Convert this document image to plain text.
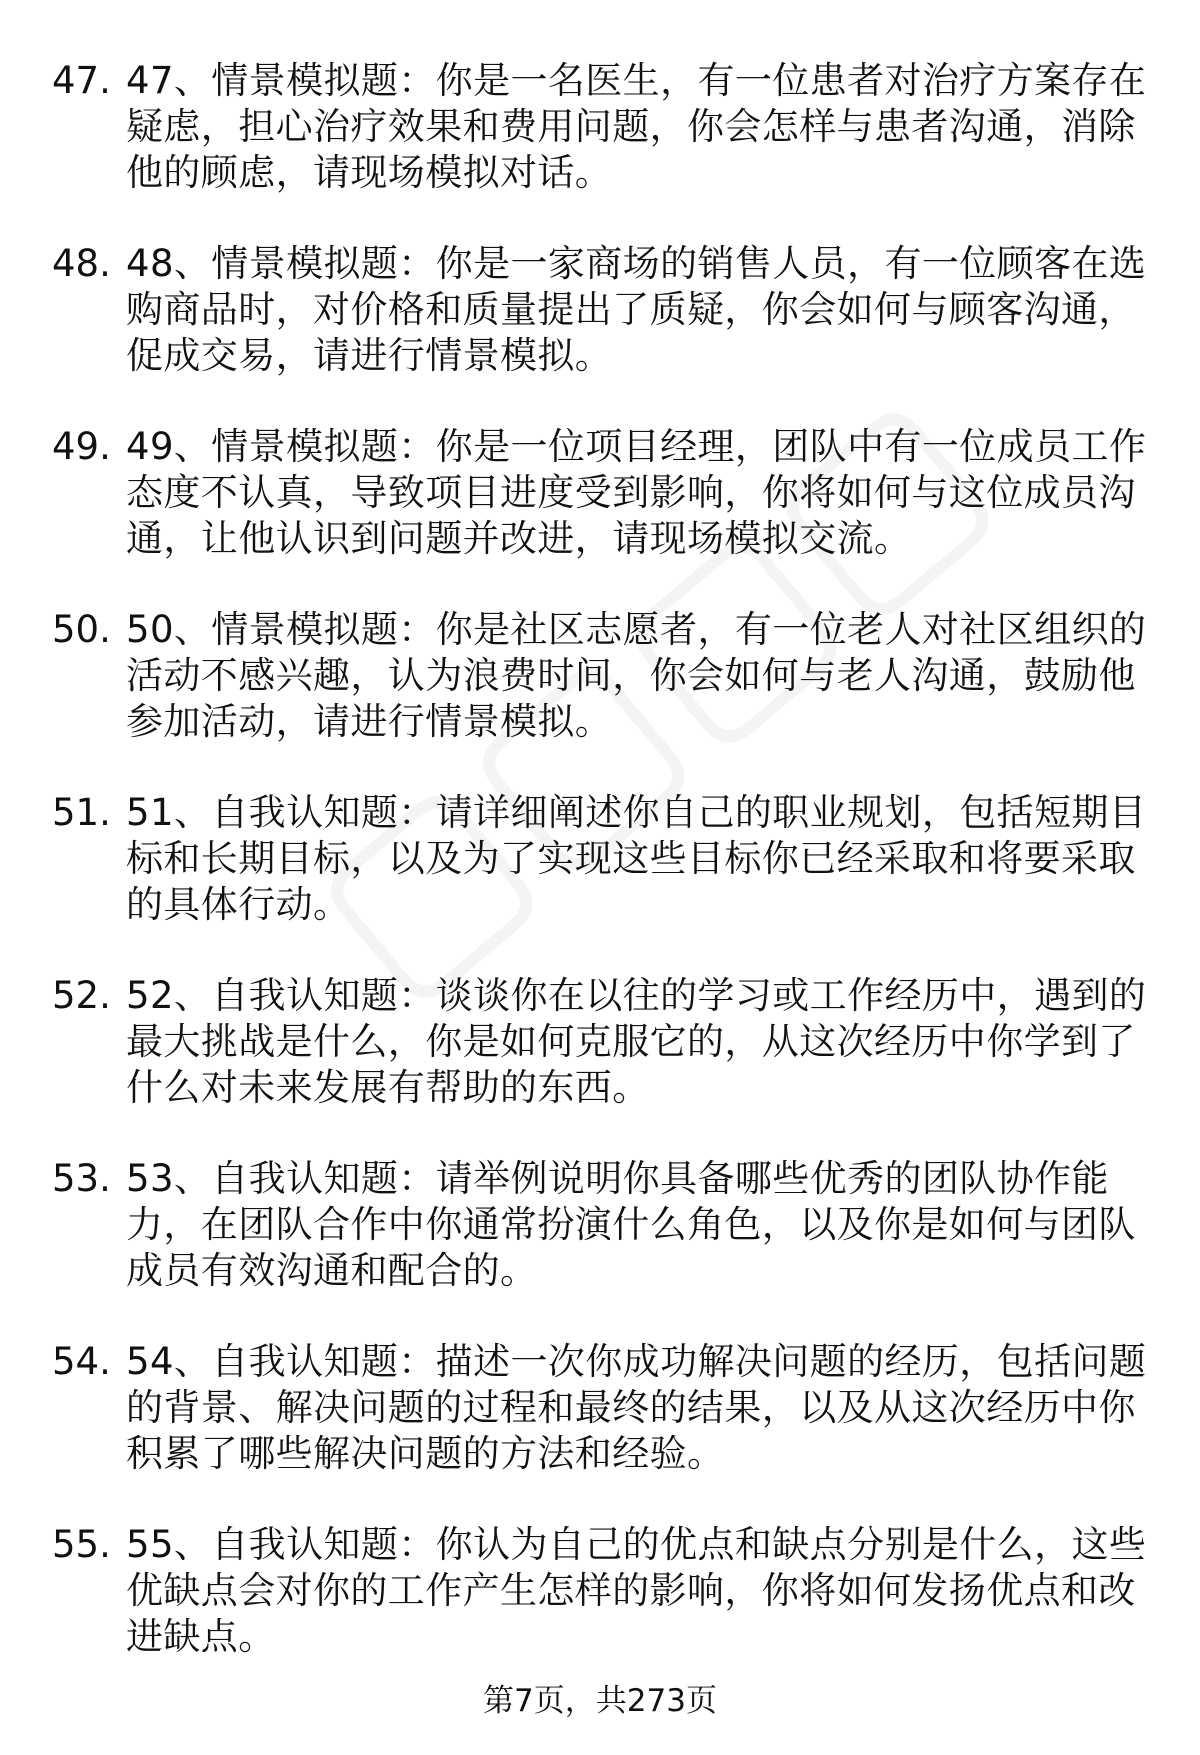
47. 47、情景模拟题：你是一名医生，有一位患者对治疗方案存在疑虑，担心治疗效果和费用问题，你会怎样与患者沟通，消除他的顾虑，请现场模拟对话。
48. 48、情景模拟题：你是一家商场的销售人员，有一位顾客在选购商品时，对价格和质量提出了质疑，你会如何与顾客沟通，促成交易，请进行情景模拟。
49. 49、情景模拟题：你是一位项目经理，团队中有一位成员工作态度不认真，导致项目进度受到影响，你将如何与这位成员沟通，让他认识到问题并改进，请现场模拟交流。
50. 50、情景模拟题：你是社区志愿者，有一位老人对社区组织的活动不感兴趣，认为浪费时间，你会如何与老人沟通，鼓励他参加活动，请进行情景模拟。
51. 51、自我认知题：请详细阐述你自己的职业规划，包括短期目标和长期目标，以及为了实现这些目标你已经采取和将要采取的具体行动。
52. 52、自我认知题：谈谈你在以往的学习或工作经历中，遇到的最大挑战是什么，你是如何克服它的，从这次经历中你学到了什么对未来发展有帮助的东西。
53. 53、自我认知题：请举例说明你具备哪些优秀的团队协作能力，在团队合作中你通常扮演什么角色，以及你是如何与团队成员有效沟通和配合的。
54. 54、自我认知题：描述一次你成功解决问题的经历，包括问题的背景、解决问题的过程和最终的结果，以及从这次经历中你积累了哪些解决问题的方法和经验。
55. 55、自我认知题：你认为自己的优点和缺点分别是什么，这些优缺点会对你的工作产生怎样的影响，你将如何发扬优点和改进缺点。
第7页，共273页
